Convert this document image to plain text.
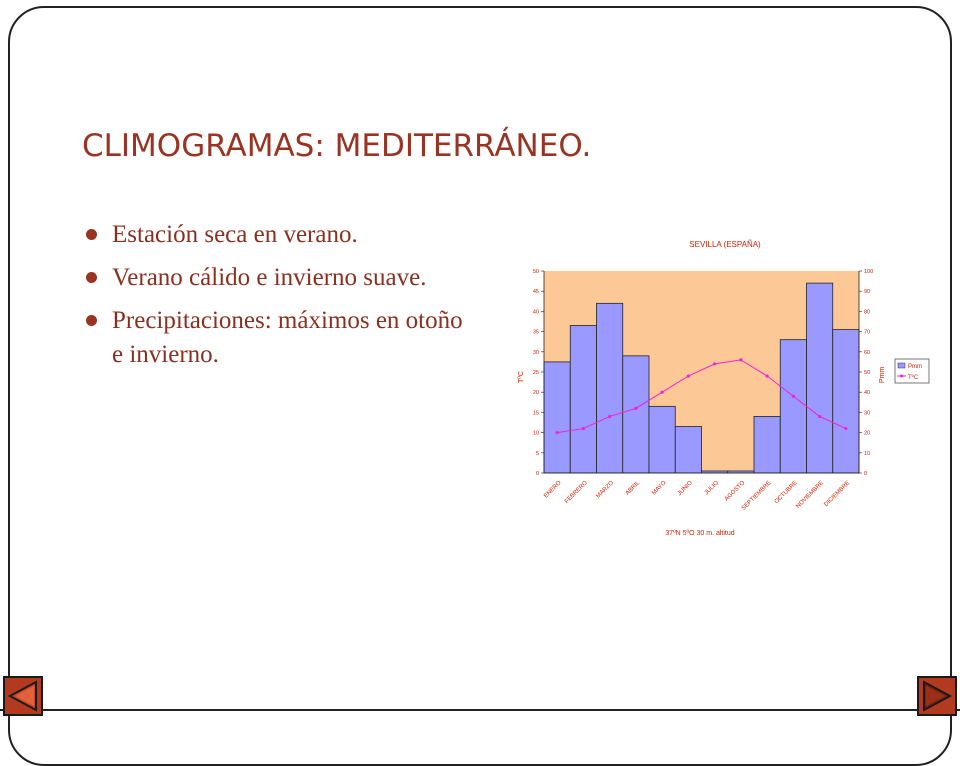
CLIMOGRAMAS: MEDITERRÁNEO.
Estación seca en verano.
Verano cálido e invierno suave.
Precipitaciones: máximos en otoño e invierno.
SEVILLA (ESPAÑA)
0
5
10
15
20
25
30
35
40
45
50
0
10
20
30
40
50
60
70
80
90
100
ENERO FEBRERO MARZO ABRIL MAYO JUNIO JULIO AGOSTO
SEPTIEMBRE OCTUBRE
NOVIEMBRE
DICIEMBRE
TºC	Pmm	Pmm
TºC
37ºN 5ºO 30 m. altitud
